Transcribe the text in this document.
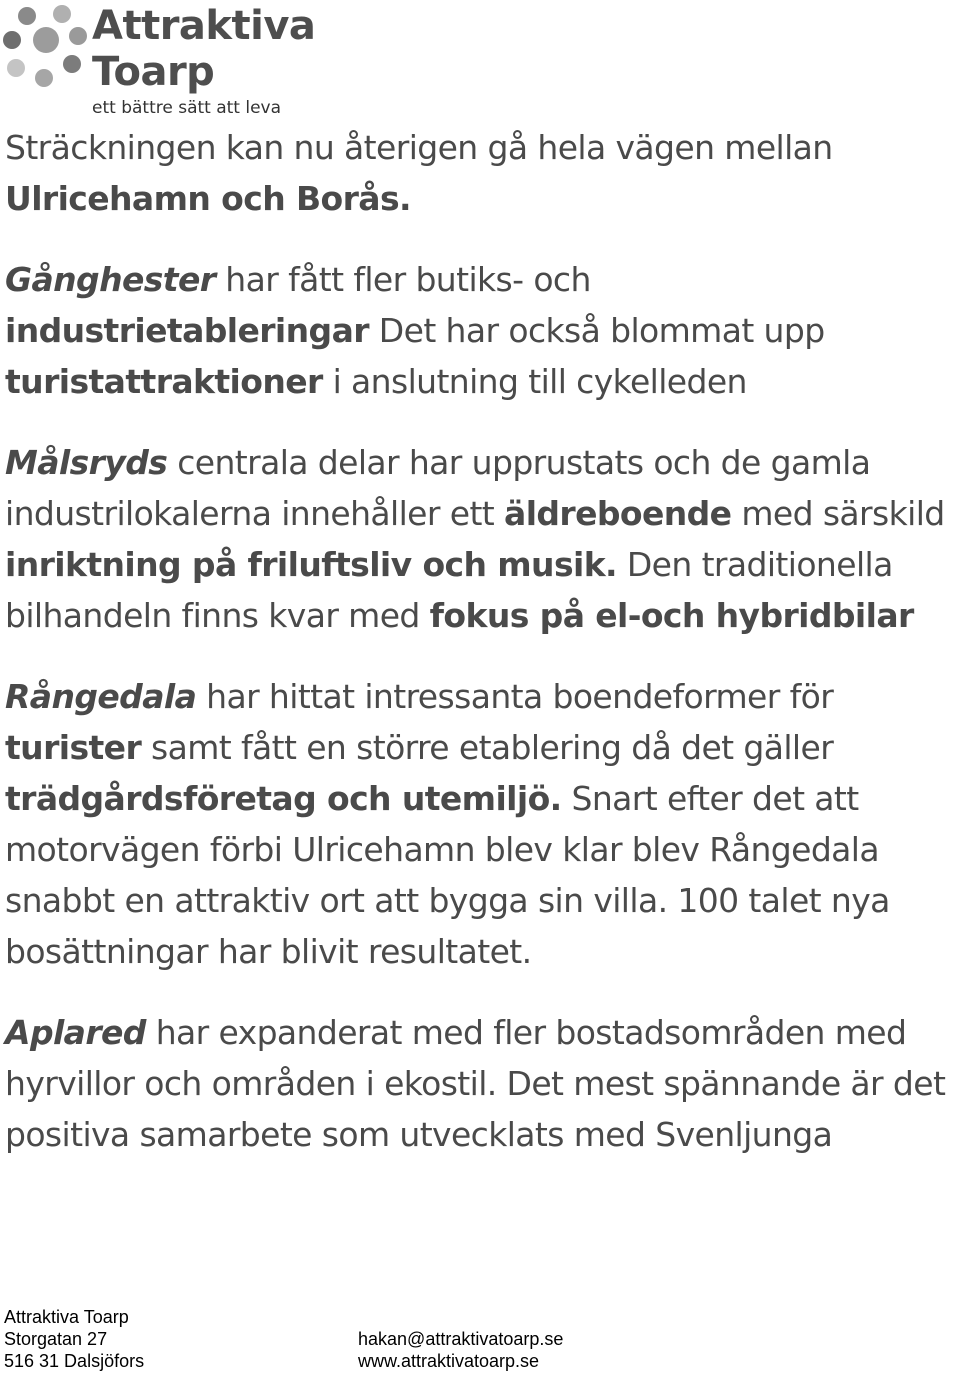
Attraktiva
Toarp
ett bättre sätt att leva

Sträckningen kan nu återigen gå hela vägen mellan Ulricehamn och Borås.

Gånghester har fått fler butiks- och industrietableringar Det har också blommat upp turistattraktioner i anslutning till cykelleden

Målsryds centrala delar har upprustats och de gamla industrilokalerna innehåller ett äldreboende med särskild inriktning på friluftsliv och musik. Den traditionella bilhandeln finns kvar med fokus på el-och hybridbilar

Rångedala har hittat intressanta boendeformer för turister samt fått en större etablering då det gäller trädgårdsföretag och utemiljö. Snart efter det att motorvägen förbi Ulricehamn blev klar blev Rångedala snabbt en attraktiv ort att bygga sin villa. 100 talet nya bosättningar har blivit resultatet.

Aplared har expanderat med fler bostadsområden med hyrvillor och områden i ekostil. Det mest spännande är det positiva samarbete som utvecklats med Svenljunga

Attraktiva Toarp
Storgatan 27
516 31 Dalsjöfors
hakan@attraktivatoarp.se
www.attraktivatoarp.se
